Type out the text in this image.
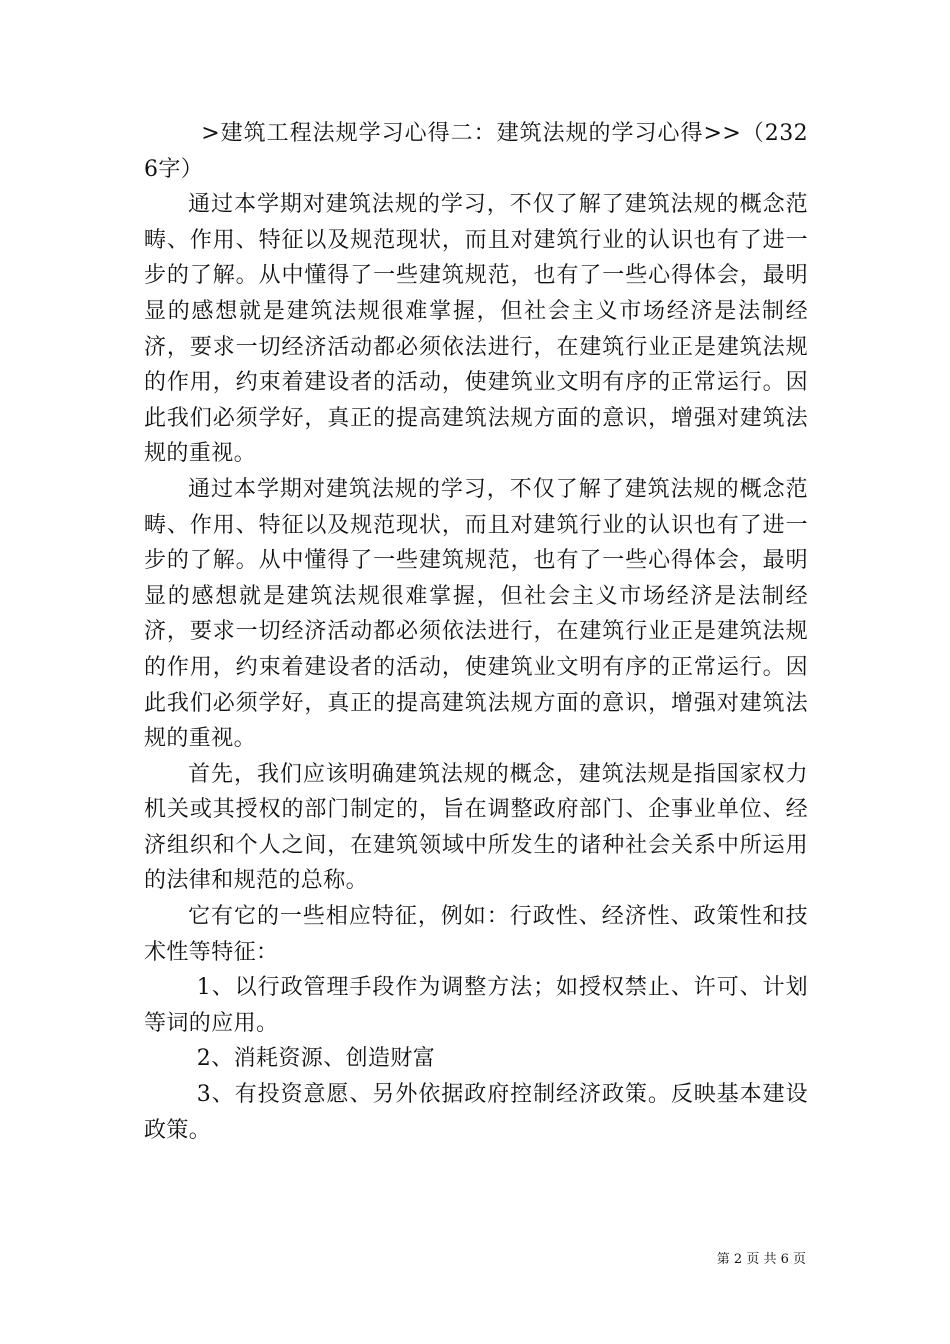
>建筑工程法规学习心得二：建筑法规的学习心得>>（2326字）

通过本学期对建筑法规的学习，不仅了解了建筑法规的概念范畴、作用、特征以及规范现状，而且对建筑行业的认识也有了进一步的了解。从中懂得了一些建筑规范，也有了一些心得体会，最明显的感想就是建筑法规很难掌握，但社会主义市场经济是法制经济，要求一切经济活动都必须依法进行，在建筑行业正是建筑法规的作用，约束着建设者的活动，使建筑业文明有序的正常运行。因此我们必须学好，真正的提高建筑法规方面的意识，增强对建筑法规的重视。

通过本学期对建筑法规的学习，不仅了解了建筑法规的概念范畴、作用、特征以及规范现状，而且对建筑行业的认识也有了进一步的了解。从中懂得了一些建筑规范，也有了一些心得体会，最明显的感想就是建筑法规很难掌握，但社会主义市场经济是法制经济，要求一切经济活动都必须依法进行，在建筑行业正是建筑法规的作用，约束着建设者的活动，使建筑业文明有序的正常运行。因此我们必须学好，真正的提高建筑法规方面的意识，增强对建筑法规的重视。

首先，我们应该明确建筑法规的概念，建筑法规是指国家权力机关或其授权的部门制定的，旨在调整政府部门、企事业单位、经济组织和个人之间，在建筑领域中所发生的诸种社会关系中所运用的法律和规范的总称。

它有它的一些相应特征，例如：行政性、经济性、政策性和技术性等特征：

1、以行政管理手段作为调整方法；如授权禁止、许可、计划等词的应用。

2、消耗资源、创造财富

3、有投资意愿、另外依据政府控制经济政策。反映基本建设政策。

第 2 页 共 6 页
